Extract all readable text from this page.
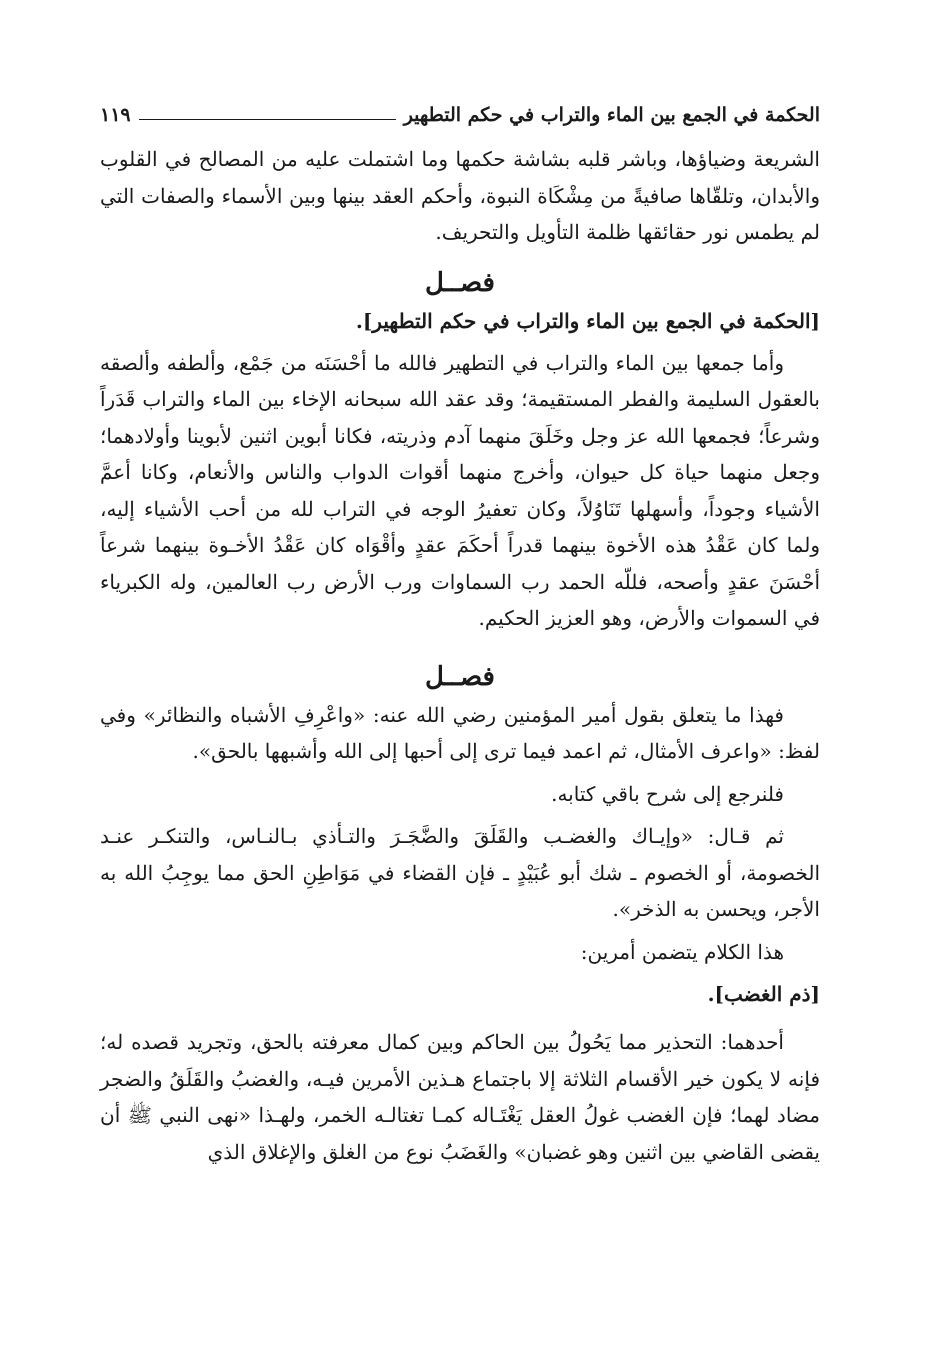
الحكمة في الجمع بين الماء والتراب في حكم التطهير
١١٩

الشريعة وضياؤها، وباشر قلبه بشاشة حكمها وما اشتملت عليه من المصالح في القلوب والأبدان، وتلقّاها صافيةً من مِشْكَاة النبوة، وأحكم العقد بينها وبين الأسماء والصفات التي لم يطمس نور حقائقها ظلمة التأويل والتحريف.

فصــل
[الحكمة في الجمع بين الماء والتراب في حكم التطهير].

وأما جمعها بين الماء والتراب في التطهير فالله ما أحْسَنَه من جَمْع، وألطفه وألصقه بالعقول السليمة والفطر المستقيمة؛ وقد عقد الله سبحانه الإخاء بين الماء والتراب قَدَراً وشرعاً؛ فجمعها الله عز وجل وخَلَقَ منهما آدم وذريته، فكانا أبوين اثنين لأبوينا وأولادهما؛ وجعل منهما حياة كل حيوان، وأخرج منهما أقوات الدواب والناس والأنعام، وكانا أعمَّ الأشياء وجوداً، وأسهلها تَنَاوُلاً، وكان تعفيرُ الوجه في التراب لله من أحب الأشياء إليه، ولما كان عَقْدُ هذه الأخوة بينهما قدراً أحكَمَ عقدٍ وأقْوَاه كان عَقْدُ الأخـوة بينهما شرعاً أحْسَنَ عقدٍ وأصحه، فللّه الحمد رب السماوات ورب الأرض رب العالمين، وله الكبرياء في السموات والأرض، وهو العزيز الحكيم.

فصــل

فهذا ما يتعلق بقول أمير المؤمنين رضي الله عنه: «واعْرِفِ الأشباه والنظائر» وفي لفظ: «واعرف الأمثال، ثم اعمد فيما ترى إلى أحبها إلى الله وأشبهها بالحق».

فلنرجع إلى شرح باقي كتابه.

ثم قـال: «وإيـاك والغضـب والقَلَقَ والضَّجَـرَ والتـأذي بـالنـاس، والتنكـر عنـد الخصومة، أو الخصوم ـ شك أبو عُبَيْدٍ ـ فإن القضاء في مَوَاطِنِ الحق مما يوجِبُ الله به الأجر، ويحسن به الذخر».

هذا الكلام يتضمن أمرين:

[ذم الغضب].

أحدهما: التحذير مما يَحُولُ بين الحاكم وبين كمال معرفته بالحق، وتجريد قصده له؛ فإنه لا يكون خير الأقسام الثلاثة إلا باجتماع هـذين الأمرين فيـه، والغضبُ والقَلَقُ والضجر مضاد لهما؛ فإن الغضب غولُ العقل يَغْتَـاله كمـا تغتالـه الخمر، ولهـذا «نهى النبي ﷺ أن يقضى القاضي بين اثنين وهو غضبان» والغَضَبُ نوع من الغلق والإغلاق الذي
